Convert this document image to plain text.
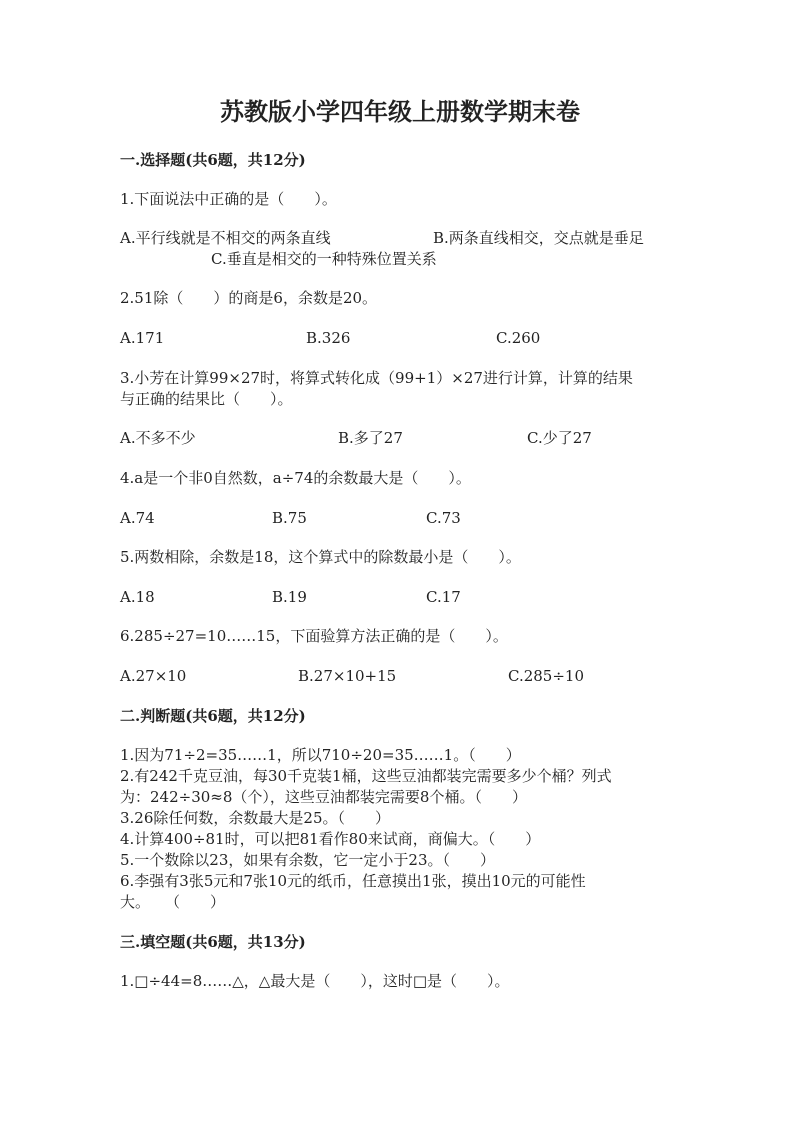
苏教版小学四年级上册数学期末卷
一.选择题(共6题，共12分)
1.下面说法中正确的是（　　）。
A.平行线就是不相交的两条直线	B.两条直线相交，交点就是垂足
C.垂直是相交的一种特殊位置关系
2.51除（　　）的商是6，余数是20。
A.171	B.326	C.260
3.小芳在计算99×27时，将算式转化成（99+1）×27进行计算，计算的结果
与正确的结果比（　　）。
A.不多不少	B.多了27	C.少了27
4.a是一个非0自然数，a÷74的余数最大是（　　）。
A.74	B.75	C.73
5.两数相除，余数是18，这个算式中的除数最小是（　　）。
A.18	B.19	C.17
6.285÷27=10……15，下面验算方法正确的是（　　）。
A.27×10	B.27×10+15	C.285÷10
二.判断题(共6题，共12分)
1.因为71÷2=35……1，所以710÷20=35……1。（　　）
2.有242千克豆油，每30千克装1桶，这些豆油都装完需要多少个桶？列式
为：242÷30≈8（个），这些豆油都装完需要8个桶。（　　）
3.26除任何数，余数最大是25。（　　）
4.计算400÷81时，可以把81看作80来试商，商偏大。（　　）
5.一个数除以23，如果有余数，它一定小于23。（　　）
6.李强有3张5元和7张10元的纸币，任意摸出1张，摸出10元的可能性
大。　　（　　）
三.填空题(共6题，共13分)
1.□÷44=8……△，△最大是（　　），这时□是（　　）。
